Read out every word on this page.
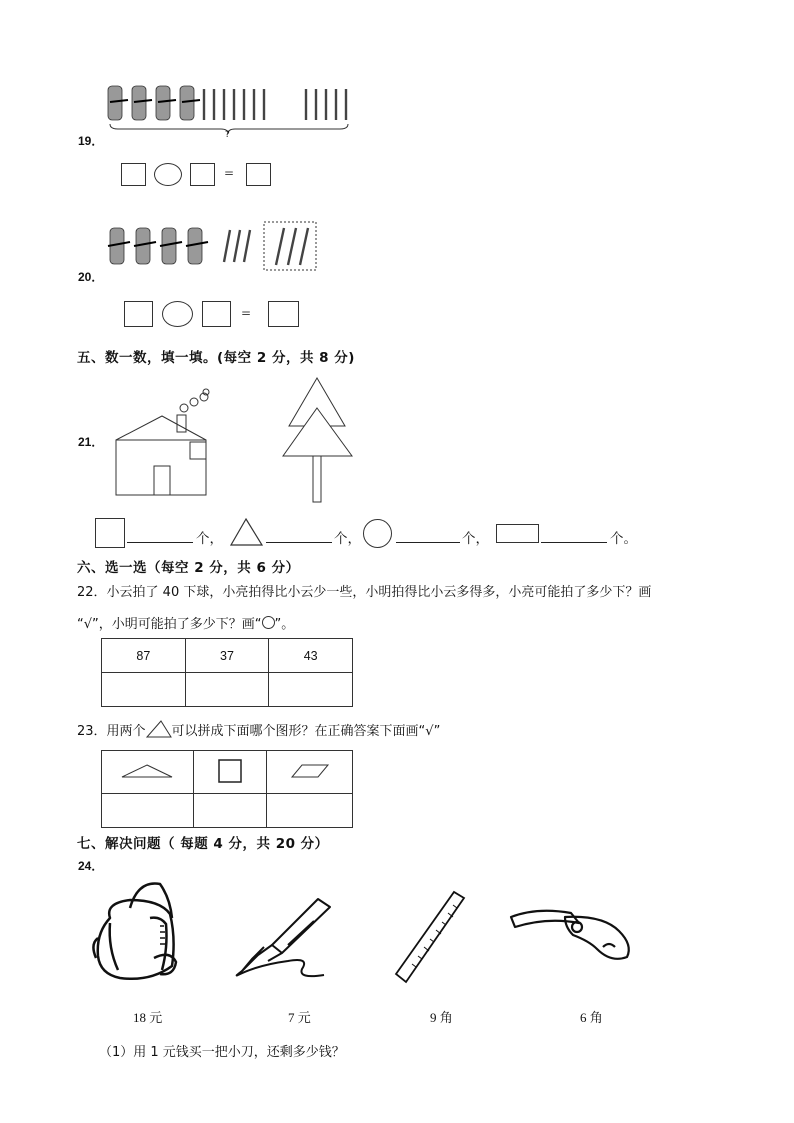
?
19．
=
20．
=
五、数一数，填一填。(每空 2 分，共 8 分)
21．
个，	个，	个，	个。
六、选一选（每空 2 分，共 6 分）
22．小云拍了 40 下球，小亮拍得比小云少一些，小明拍得比小云多得多，小亮可能拍了多少下？画
“√”，小明可能拍了多少下？画“ ”。
87	37	43

23．用两个 可以拼成下面哪个图形？在正确答案下面画“√”

七、解决问题（ 每题 4 分，共 20 分）
24．
18 元	7 元	9 角	6 角
（1）用 1 元钱买一把小刀，还剩多少钱？
